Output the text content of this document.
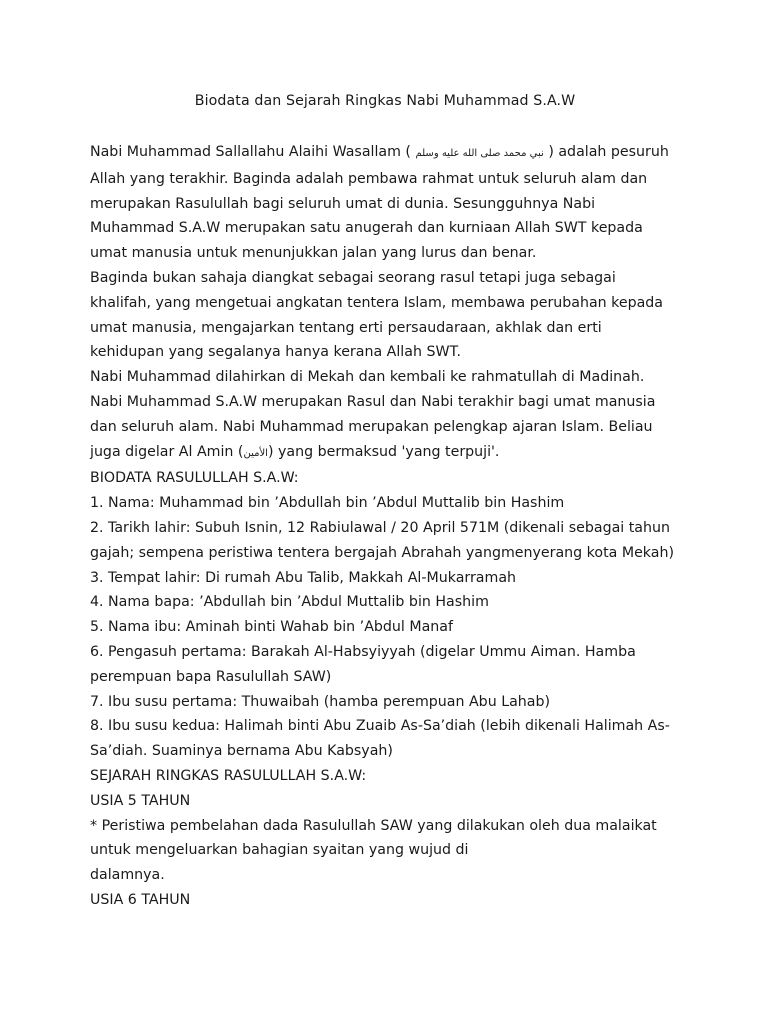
Biodata dan Sejarah Ringkas Nabi Muhammad S.A.W

Nabi Muhammad Sallallahu Alaihi Wasallam ( نبي محمد صلى الله عليه وسلم ) adalah pesuruh Allah yang terakhir. Baginda adalah pembawa rahmat untuk seluruh alam dan merupakan Rasulullah bagi seluruh umat di dunia. Sesungguhnya Nabi Muhammad S.A.W merupakan satu anugerah dan kurniaan Allah SWT kepada umat manusia untuk menunjukkan jalan yang lurus dan benar.

Baginda bukan sahaja diangkat sebagai seorang rasul tetapi juga sebagai khalifah, yang mengetuai angkatan tentera Islam, membawa perubahan kepada umat manusia, mengajarkan tentang erti persaudaraan, akhlak dan erti kehidupan yang segalanya hanya kerana Allah SWT.

Nabi Muhammad dilahirkan di Mekah dan kembali ke rahmatullah di Madinah. Nabi Muhammad S.A.W merupakan Rasul dan Nabi terakhir bagi umat manusia dan seluruh alam. Nabi Muhammad merupakan pelengkap ajaran Islam. Beliau juga digelar Al Amin (الأمين) yang bermaksud 'yang terpuji'.

BIODATA RASULULLAH S.A.W:

1. Nama: Muhammad bin ’Abdullah bin ’Abdul Muttalib bin Hashim

2. Tarikh lahir: Subuh Isnin, 12 Rabiulawal / 20 April 571M (dikenali sebagai tahun gajah; sempena peristiwa tentera bergajah Abrahah yangmenyerang kota Mekah)

3. Tempat lahir: Di rumah Abu Talib, Makkah Al-Mukarramah

4. Nama bapa: ’Abdullah bin ’Abdul Muttalib bin Hashim

5. Nama ibu: Aminah binti Wahab bin ’Abdul Manaf

6. Pengasuh pertama: Barakah Al-Habsyiyyah (digelar Ummu Aiman. Hamba perempuan bapa Rasulullah SAW)

7. Ibu susu pertama: Thuwaibah (hamba perempuan Abu Lahab)

8. Ibu susu kedua: Halimah binti Abu Zuaib As-Sa’diah (lebih dikenali Halimah As-Sa’diah. Suaminya bernama Abu Kabsyah)

SEJARAH RINGKAS RASULULLAH S.A.W:

USIA 5 TAHUN

* Peristiwa pembelahan dada Rasulullah SAW yang dilakukan oleh dua malaikat untuk mengeluarkan bahagian syaitan yang wujud di

dalamnya.

USIA 6 TAHUN
